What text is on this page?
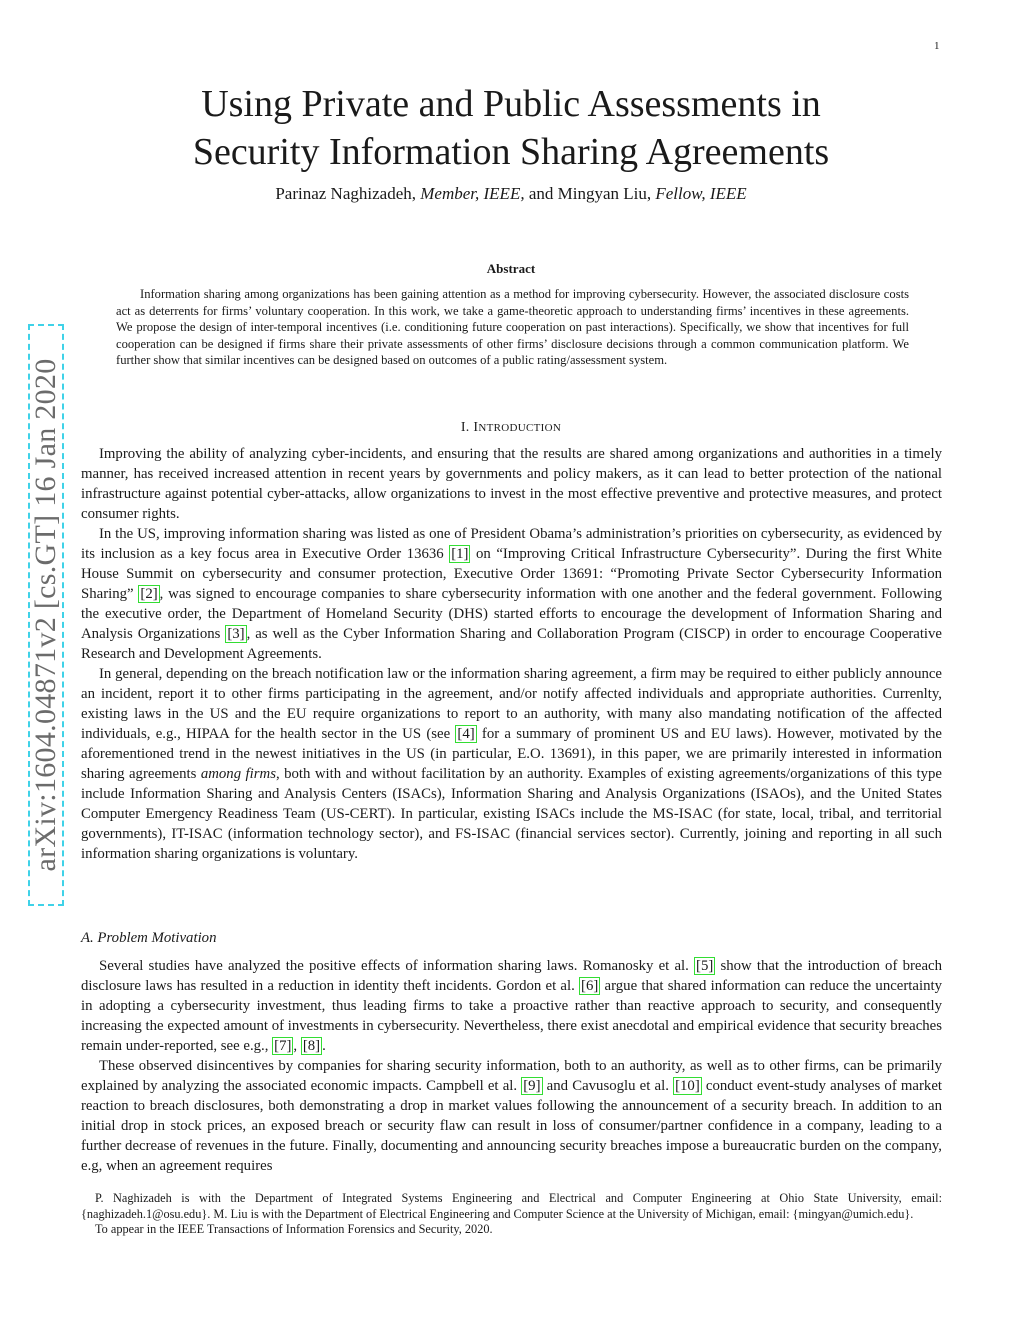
1
arXiv:1604.04871v2 [cs.GT] 16 Jan 2020
Using Private and Public Assessments in
Security Information Sharing Agreements
Parinaz Naghizadeh, Member, IEEE, and Mingyan Liu, Fellow, IEEE
Abstract

Information sharing among organizations has been gaining attention as a method for improving cybersecurity. However, the associated disclosure costs act as deterrents for firms’ voluntary cooperation. In this work, we take a game-theoretic approach to understanding firms’ incentives in these agreements. We propose the design of inter-temporal incentives (i.e. conditioning future cooperation on past interactions). Specifically, we show that incentives for full cooperation can be designed if firms share their private assessments of other firms’ disclosure decisions through a common communication platform. We further show that similar incentives can be designed based on outcomes of a public rating/assessment system.

I. INTRODUCTION

Improving the ability of analyzing cyber-incidents, and ensuring that the results are shared among organizations and authorities in a timely manner, has received increased attention in recent years by governments and policy makers, as it can lead to better protection of the national infrastructure against potential cyber-attacks, allow organizations to invest in the most effective preventive and protective measures, and protect consumer rights.

In the US, improving information sharing was listed as one of President Obama’s administration’s priorities on cybersecurity, as evidenced by its inclusion as a key focus area in Executive Order 13636 [1] on “Improving Critical Infrastructure Cybersecurity”. During the first White House Summit on cybersecurity and consumer protection, Executive Order 13691: “Promoting Private Sector Cybersecurity Information Sharing” [2] , was signed to encourage companies to share cybersecurity information with one another and the federal government. Following the executive order, the Department of Homeland Security (DHS) started efforts to encourage the development of Information Sharing and Analysis Organizations [3] , as well as the Cyber Information Sharing and Collaboration Program (CISCP) in order to encourage Cooperative Research and Development Agreements.

In general, depending on the breach notification law or the information sharing agreement, a firm may be required to either publicly announce an incident, report it to other firms participating in the agreement, and/or notify affected individuals and appropriate authorities. Currenlty, existing laws in the US and the EU require organizations to report to an authority, with many also mandating notification of the affected individuals, e.g., HIPAA for the health sector in the US (see [4] for a summary of prominent US and EU laws). However, motivated by the aforementioned trend in the newest initiatives in the US (in particular, E.O. 13691), in this paper, we are primarily interested in information sharing agreements among firms, both with and without facilitation by an authority. Examples of existing agreements/organizations of this type include Information Sharing and Analysis Centers (ISACs), Information Sharing and Analysis Organizations (ISAOs), and the United States Computer Emergency Readiness Team (US-CERT). In particular, existing ISACs include the MS-ISAC (for state, local, tribal, and territorial governments), IT-ISAC (information technology sector), and FS-ISAC (financial services sector). Currently, joining and reporting in all such information sharing organizations is voluntary.

A. Problem Motivation

Several studies have analyzed the positive effects of information sharing laws. Romanosky et al. [5] show that the introduction of breach disclosure laws has resulted in a reduction in identity theft incidents. Gordon et al. [6] argue that shared information can reduce the uncertainty in adopting a cybersecurity investment, thus leading firms to take a proactive rather than reactive approach to security, and consequently increasing the expected amount of investments in cybersecurity. Nevertheless, there exist anecdotal and empirical evidence that security breaches remain under-reported, see e.g., [7] , [8] .

These observed disincentives by companies for sharing security information, both to an authority, as well as to other firms, can be primarily explained by analyzing the associated economic impacts. Campbell et al. [9] and Cavusoglu et al. [10] conduct event-study analyses of market reaction to breach disclosures, both demonstrating a drop in market values following the announcement of a security breach. In addition to an initial drop in stock prices, an exposed breach or security flaw can result in loss of consumer/partner confidence in a company, leading to a further decrease of revenues in the future. Finally, documenting and announcing security breaches impose a bureaucratic burden on the company, e.g, when an agreement requires

P. Naghizadeh is with the Department of Integrated Systems Engineering and Electrical and Computer Engineering at Ohio State University, email: {naghizadeh.1@osu.edu}. M. Liu is with the Department of Electrical Engineering and Computer Science at the University of Michigan, email: {mingyan@umich.edu}.

To appear in the IEEE Transactions of Information Forensics and Security, 2020.
